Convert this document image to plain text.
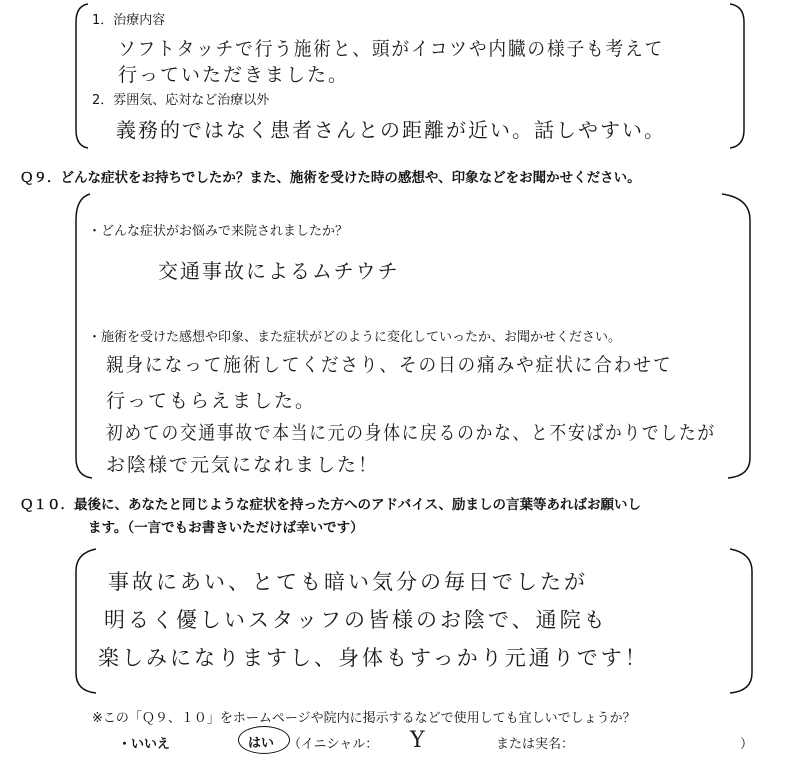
1．治療内容
ソフトタッチで行う施術と、頭がイコツや内臓の様子も考えて
行っていただきました。
2．雰囲気、応対など治療以外
義務的ではなく患者さんとの距離が近い。話しやすい。
Ｑ９．どんな症状をお持ちでしたか？また、施術を受けた時の感想や、印象などをお聞かせください。
・どんな症状がお悩みで来院されましたか？
交通事故によるムチウチ
・施術を受けた感想や印象、また症状がどのように変化していったか、お聞かせください。
親身になって施術してくださり、その日の痛みや症状に合わせて
行ってもらえました。
初めての交通事故で本当に元の身体に戻るのかな、と不安ばかりでしたが
お陰様で元気になれました！
Ｑ１０．最後に、あなたと同じような症状を持った方へのアドバイス、励ましの言葉等あればお願いし
ます。（一言でもお書きいただけば幸いです）
事故にあい、とても暗い気分の毎日でしたが
明るく優しいスタッフの皆様のお陰で、通院も
楽しみになりますし、身体もすっかり元通りです！
※この「Ｑ９、１０」をホームページや院内に掲示するなどで使用しても宜しいでしょうか？
・いいえ	はい （イニシャル： Y	または実名：	）
